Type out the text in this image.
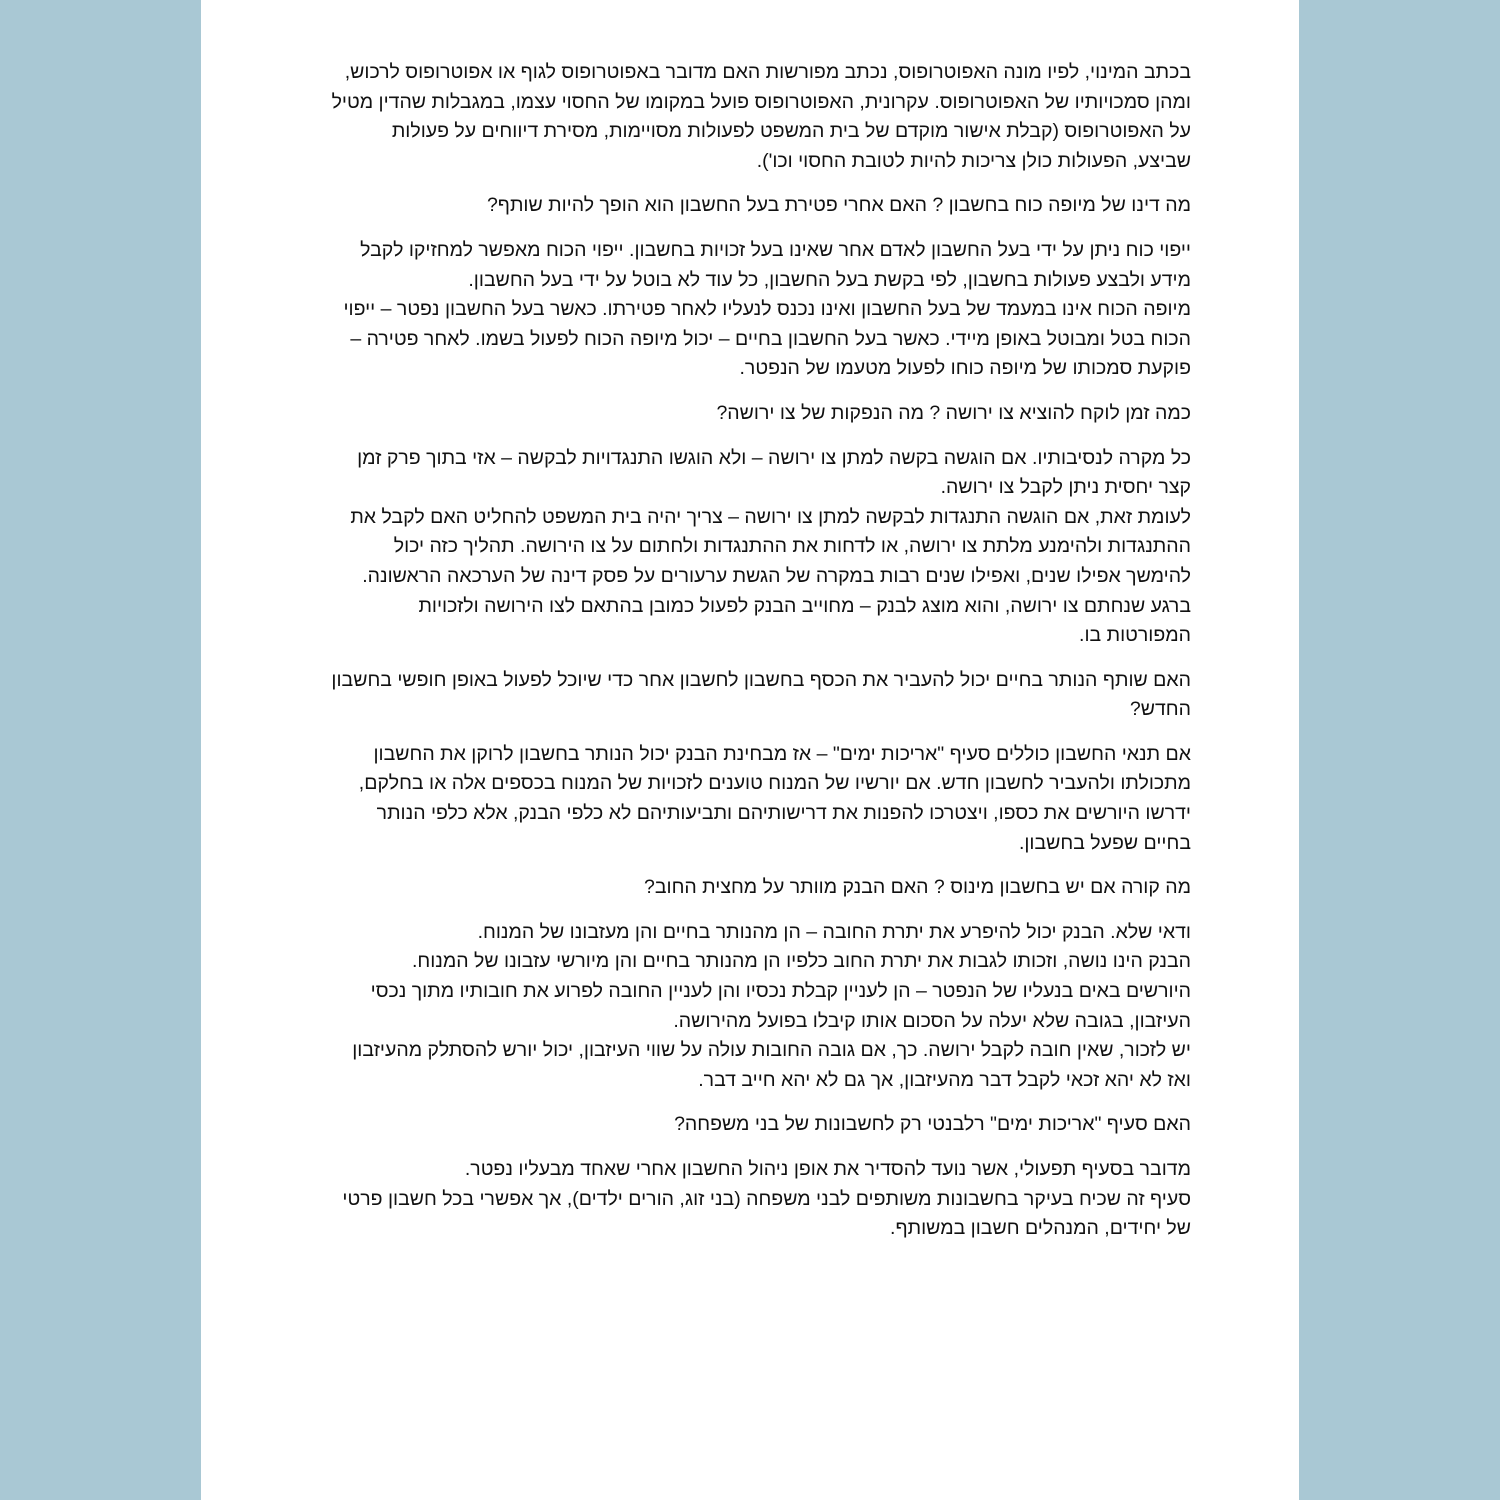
בכתב המינוי, לפיו מונה האפוטרופוס, נכתב מפורשות האם מדובר באפוטרופוס לגוף או אפוטרופוס לרכוש, ומהן סמכויותיו של האפוטרופוס. עקרונית, האפוטרופוס פועל במקומו של החסוי עצמו, במגבלות שהדין מטיל על האפוטרופוס (קבלת אישור מוקדם של בית המשפט לפעולות מסויימות, מסירת דיווחים על פעולות שביצע, הפעולות כולן צריכות להיות לטובת החסוי וכו').

מה דינו של מיופה כוח בחשבון ? האם אחרי פטירת בעל החשבון הוא הופך להיות שותף?

ייפוי כוח ניתן על ידי בעל החשבון לאדם אחר שאינו בעל זכויות בחשבון. ייפוי הכוח מאפשר למחזיקו לקבל מידע ולבצע פעולות בחשבון, לפי בקשת בעל החשבון, כל עוד לא בוטל על ידי בעל החשבון.

מיופה הכוח אינו במעמד של בעל החשבון ואינו נכנס לנעליו לאחר פטירתו. כאשר בעל החשבון נפטר – ייפוי הכוח בטל ומבוטל באופן מיידי. כאשר בעל החשבון בחיים – יכול מיופה הכוח לפעול בשמו. לאחר פטירה – פוקעת סמכותו של מיופה כוחו לפעול מטעמו של הנפטר.

כמה זמן לוקח להוציא צו ירושה ? מה הנפקות של צו ירושה?

כל מקרה לנסיבותיו. אם הוגשה בקשה למתן צו ירושה – ולא הוגשו התנגדויות לבקשה – אזי בתוך פרק זמן קצר יחסית ניתן לקבל צו ירושה.

לעומת זאת, אם הוגשה התנגדות לבקשה למתן צו ירושה – צריך יהיה בית המשפט להחליט האם לקבל את ההתנגדות ולהימנע מלתת צו ירושה, או לדחות את ההתנגדות ולחתום על צו הירושה. תהליך כזה יכול להימשך אפילו שנים, ואפילו שנים רבות במקרה של הגשת ערעורים על פסק דינה של הערכאה הראשונה.

ברגע שנחתם צו ירושה, והוא מוצג לבנק – מחוייב הבנק לפעול כמובן בהתאם לצו הירושה ולזכויות המפורטות בו.

האם שותף הנותר בחיים יכול להעביר את הכסף בחשבון לחשבון אחר כדי שיוכל לפעול באופן חופשי בחשבון החדש?

אם תנאי החשבון כוללים סעיף "אריכות ימים" – אז מבחינת הבנק יכול הנותר בחשבון לרוקן את החשבון מתכולתו ולהעביר לחשבון חדש. אם יורשיו של המנוח טוענים לזכויות של המנוח בכספים אלה או בחלקם, ידרשו היורשים את כספו, ויצטרכו להפנות את דרישותיהם ותביעותיהם לא כלפי הבנק, אלא כלפי הנותר בחיים שפעל בחשבון.

מה קורה אם יש בחשבון מינוס ? האם הבנק מוותר על מחצית החוב?

ודאי שלא. הבנק יכול להיפרע את יתרת החובה – הן מהנותר בחיים והן מעזבונו של המנוח.

הבנק הינו נושה, וזכותו לגבות את יתרת החוב כלפיו הן מהנותר בחיים והן מיורשי עזבונו של המנוח.

היורשים באים בנעליו של הנפטר – הן לעניין קבלת נכסיו והן לעניין החובה לפרוע את חובותיו מתוך נכסי העיזבון, בגובה שלא יעלה על הסכום אותו קיבלו בפועל מהירושה.

יש לזכור, שאין חובה לקבל ירושה. כך, אם גובה החובות עולה על שווי העיזבון, יכול יורש להסתלק מהעיזבון ואז לא יהא זכאי לקבל דבר מהעיזבון, אך גם לא יהא חייב דבר.

האם סעיף "אריכות ימים" רלבנטי רק לחשבונות של בני משפחה?

מדובר בסעיף תפעולי, אשר נועד להסדיר את אופן ניהול החשבון אחרי שאחד מבעליו נפטר.

סעיף זה שכיח בעיקר בחשבונות משותפים לבני משפחה (בני זוג, הורים ילדים), אך אפשרי בכל חשבון פרטי של יחידים, המנהלים חשבון במשותף.
